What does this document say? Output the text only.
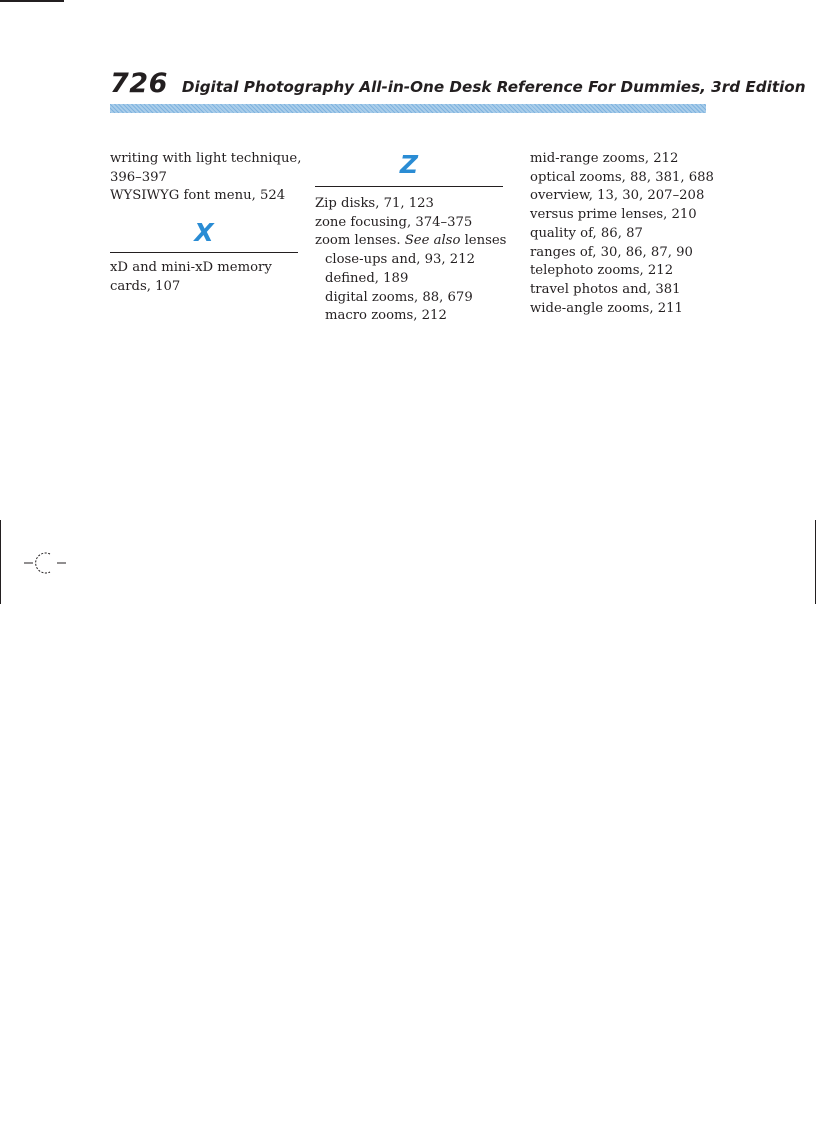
726 Digital Photography All-in-One Desk Reference For Dummies, 3rd Edition
writing with light technique,
396–397
WYSIWYG font menu, 524
X
xD and mini-xD memory
cards, 107
Z
Zip disks, 71, 123
zone focusing, 374–375
zoom lenses. See also lenses
close-ups and, 93, 212
defined, 189
digital zooms, 88, 679
macro zooms, 212
mid-range zooms, 212
optical zooms, 88, 381, 688
overview, 13, 30, 207–208
versus prime lenses, 210
quality of, 86, 87
ranges of, 30, 86, 87, 90
telephoto zooms, 212
travel photos and, 381
wide-angle zooms, 211
